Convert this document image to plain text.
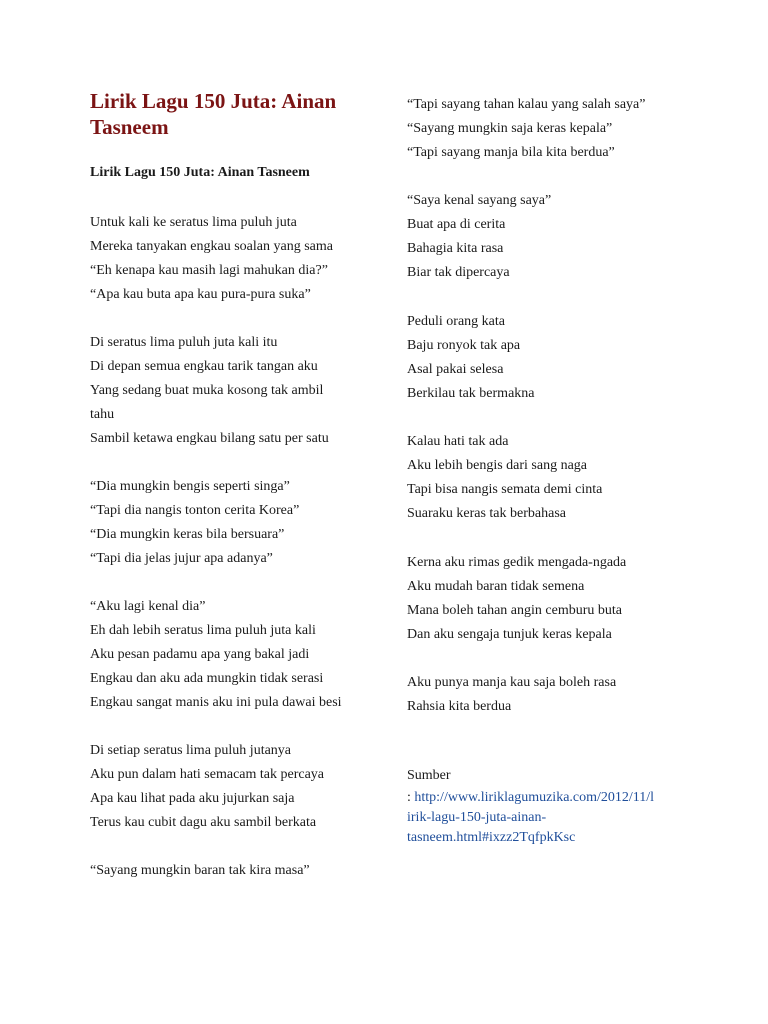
Lirik Lagu 150 Juta: Ainan Tasneem

Lirik Lagu 150 Juta: Ainan Tasneem

Untuk kali ke seratus lima puluh juta

Mereka tanyakan engkau soalan yang sama

“Eh kenapa kau masih lagi mahukan dia?”

“Apa kau buta apa kau pura-pura suka”

Di seratus lima puluh juta kali itu

Di depan semua engkau tarik tangan aku

Yang sedang buat muka kosong tak ambil

tahu

Sambil ketawa engkau bilang satu per satu

“Dia mungkin bengis seperti singa”

“Tapi dia nangis tonton cerita Korea”

“Dia mungkin keras bila bersuara”

“Tapi dia jelas jujur apa adanya”

“Aku lagi kenal dia”

Eh dah lebih seratus lima puluh juta kali

Aku pesan padamu apa yang bakal jadi

Engkau dan aku ada mungkin tidak serasi

Engkau sangat manis aku ini pula dawai besi

Di setiap seratus lima puluh jutanya

Aku pun dalam hati semacam tak percaya

Apa kau lihat pada aku jujurkan saja

Terus kau cubit dagu aku sambil berkata

“Sayang mungkin baran tak kira masa”

“Tapi sayang tahan kalau yang salah saya”

“Sayang mungkin saja keras kepala”

“Tapi sayang manja bila kita berdua”

“Saya kenal sayang saya”

Buat apa di cerita

Bahagia kita rasa

Biar tak dipercaya

Peduli orang kata

Baju ronyok tak apa

Asal pakai selesa

Berkilau tak bermakna

Kalau hati tak ada

Aku lebih bengis dari sang naga

Tapi bisa nangis semata demi cinta

Suaraku keras tak berbahasa

Kerna aku rimas gedik mengada-ngada

Aku mudah baran tidak semena

Mana boleh tahan angin cemburu buta

Dan aku sengaja tunjuk keras kepala

Aku punya manja kau saja boleh rasa

Rahsia kita berdua

Sumber

: http://www.liriklagumuzika.com/2012/11/l

irik-lagu-150-juta-ainan-

tasneem.html#ixzz2TqfpkKsc
